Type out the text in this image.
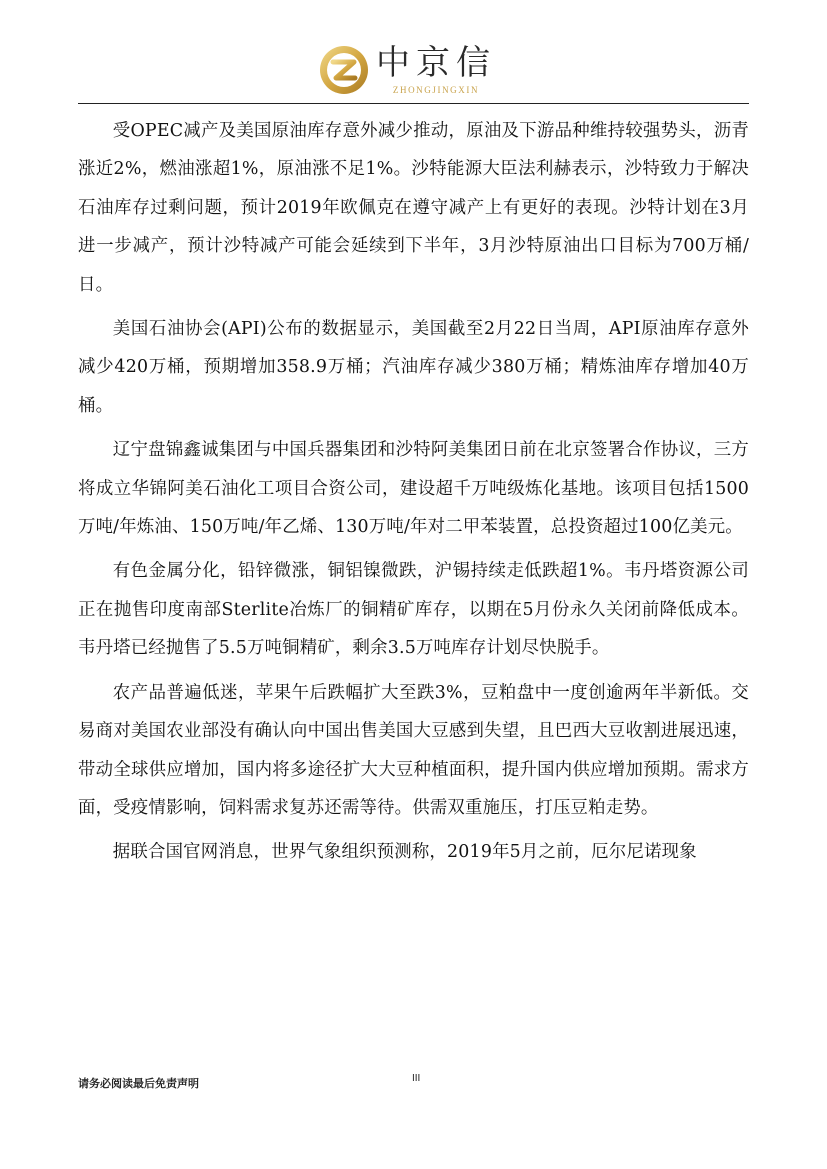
中京信
ZHONGJINGXIN

受OPEC减产及美国原油库存意外减少推动，原油及下游品种维持较强势头，沥青涨近2%，燃油涨超1%，原油涨不足1%。沙特能源大臣法利赫表示，沙特致力于解决石油库存过剩问题，预计2019年欧佩克在遵守减产上有更好的表现。沙特计划在3月进一步减产，预计沙特减产可能会延续到下半年，3月沙特原油出口目标为700万桶/日。

美国石油协会(API)公布的数据显示，美国截至2月22日当周，API原油库存意外减少420万桶，预期增加358.9万桶；汽油库存减少380万桶；精炼油库存增加40万桶。

辽宁盘锦鑫诚集团与中国兵器集团和沙特阿美集团日前在北京签署合作协议，三方将成立华锦阿美石油化工项目合资公司，建设超千万吨级炼化基地。该项目包括1500万吨/年炼油、150万吨/年乙烯、130万吨/年对二甲苯装置，总投资超过100亿美元。

有色金属分化，铅锌微涨，铜铝镍微跌，沪锡持续走低跌超1%。韦丹塔资源公司正在抛售印度南部Sterlite冶炼厂的铜精矿库存，以期在5月份永久关闭前降低成本。韦丹塔已经抛售了5.5万吨铜精矿，剩余3.5万吨库存计划尽快脱手。

农产品普遍低迷，苹果午后跌幅扩大至跌3%，豆粕盘中一度创逾两年半新低。交易商对美国农业部没有确认向中国出售美国大豆感到失望，且巴西大豆收割进展迅速，带动全球供应增加，国内将多途径扩大大豆种植面积，提升国内供应增加预期。需求方面，受疫情影响，饲料需求复苏还需等待。供需双重施压，打压豆粕走势。

据联合国官网消息，世界气象组织预测称，2019年5月之前，厄尔尼诺现象

请务必阅读最后免责声明	III
